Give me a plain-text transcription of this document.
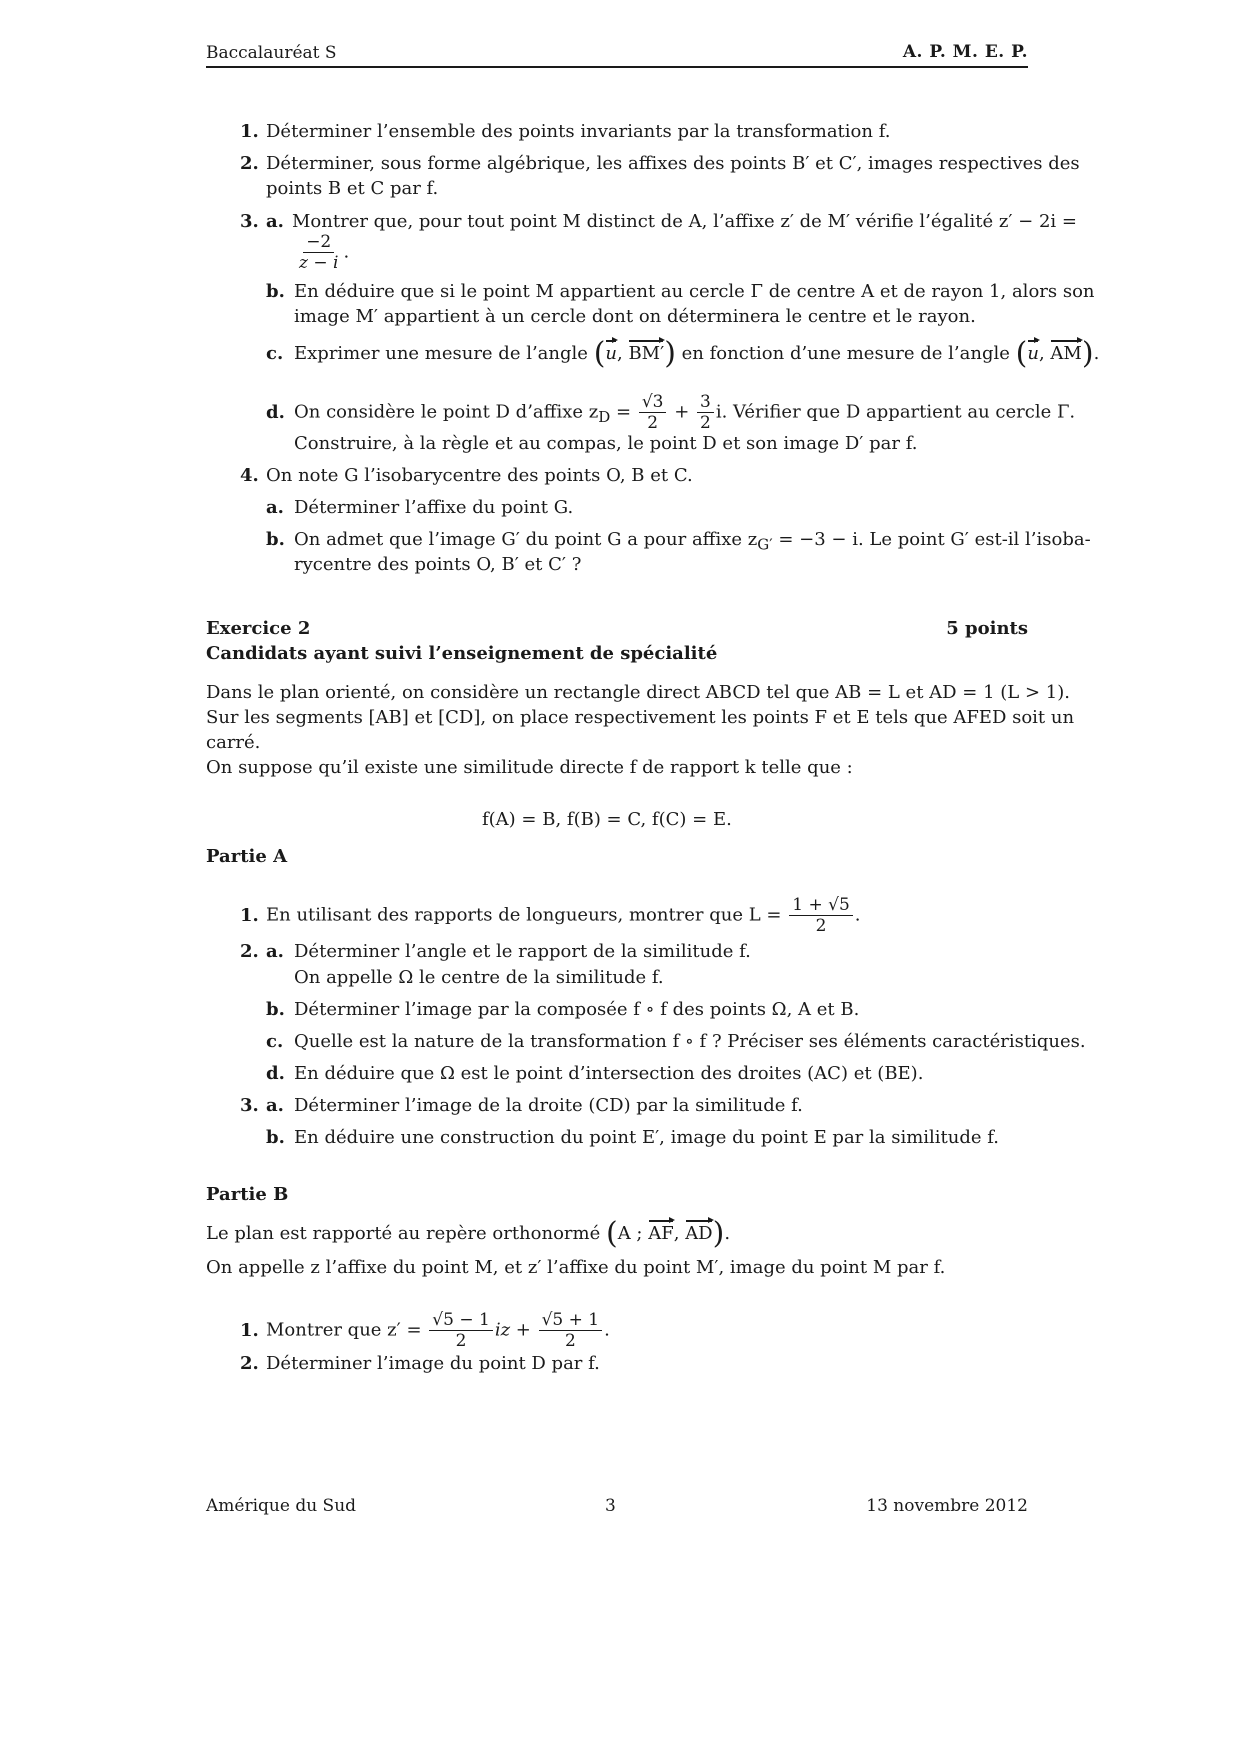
Baccalauréat S	A. P. M. E. P.
1. Déterminer l’ensemble des points invariants par la transformation f.
2. Déterminer, sous forme algébrique, les affixes des points B′ et C′, images respectives des
points B et C par f.
3. a. Montrer que, pour tout point M distinct de A, l’affixe z′ de M′ vérifie l’égalité z′ − 2i =
$\frac{-2}{z - i}$ .
b. En déduire que si le point M appartient au cercle Γ de centre A et de rayon 1, alors son
image M′ appartient à un cercle dont on déterminera le centre et le rayon.
c. Exprimer une mesure de l’angle (u, BM′) en fonction d’une mesure de l’angle (u, AM).
d. On considère le point D d’affixe $z_D = \frac{√3}{2} + \frac{3}{2} i$. Vérifier que D appartient au cercle Γ.
Construire, à la règle et au compas, le point D et son image D′ par f.
4. On note G l’isobarycentre des points O, B et C.
a. Déterminer l’affixe du point G.
b. On admet que l’image G′ du point G a pour affixe $z_{G'} = -3 - i$. Le point G′ est-il l’isoba-
rycentre des points O, B′ et C′ ?
Exercice 2	5 points
Candidats ayant suivi l’enseignement de spécialité
Dans le plan orienté, on considère un rectangle direct ABCD tel que AB = L et AD = 1 (L > 1).
Sur les segments [AB] et [CD], on place respectivement les points F et E tels que AFED soit un
carré.
On suppose qu’il existe une similitude directe f de rapport k telle que :
f(A) = B, f(B) = C, f(C) = E.
Partie A
1. En utilisant des rapports de longueurs, montrer que $L = \frac{1 + √5}{2}$ .
2. a. Déterminer l’angle et le rapport de la similitude f.
On appelle Ω le centre de la similitude f.
b. Déterminer l’image par la composée f ∘ f des points Ω, A et B.
c. Quelle est la nature de la transformation f ∘ f ? Préciser ses éléments caractéristiques.
d. En déduire que Ω est le point d’intersection des droites (AC) et (BE).
3. a. Déterminer l’image de la droite (CD) par la similitude f.
b. En déduire une construction du point E′, image du point E par la similitude f.
Partie B
Le plan est rapporté au repère orthonormé (A ; AF, AD).
On appelle z l’affixe du point M, et z′ l’affixe du point M′, image du point M par f.
1. Montrer que $z' = \frac{√5 - 1}{2}$ iz + $\frac{√5 + 1}{2}$ .
2. Déterminer l’image du point D par f.
Amérique du Sud	3	13 novembre 2012
